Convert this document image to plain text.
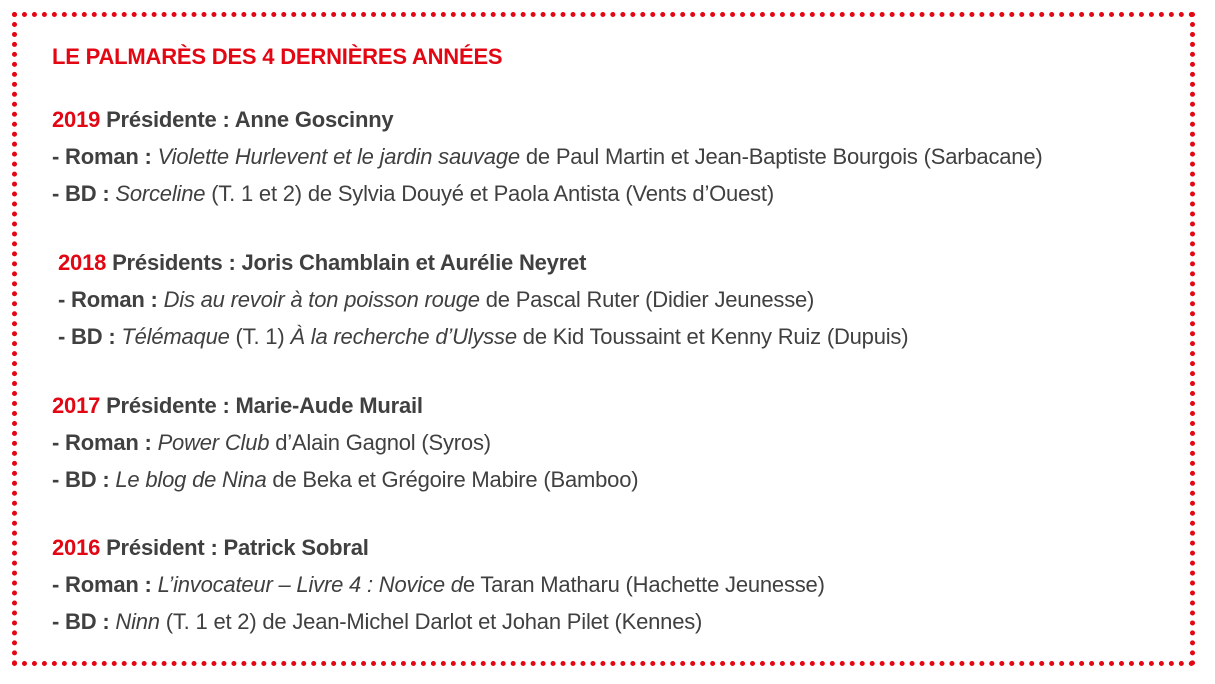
LE PALMARÈS DES 4 DERNIÈRES ANNÉES
2019 Présidente : Anne Goscinny
- Roman : Violette Hurlevent et le jardin sauvage de Paul Martin et Jean-Baptiste Bourgois (Sarbacane)
- BD : Sorceline (T. 1 et 2) de Sylvia Douyé et Paola Antista (Vents d’Ouest)
2018 Présidents : Joris Chamblain et Aurélie Neyret
- Roman : Dis au revoir à ton poisson rouge de Pascal Ruter (Didier Jeunesse)
- BD : Télémaque (T. 1) À la recherche d’Ulysse de Kid Toussaint et Kenny Ruiz (Dupuis)
2017 Présidente : Marie-Aude Murail
- Roman : Power Club d’Alain Gagnol (Syros)
- BD : Le blog de Nina de Beka et Grégoire Mabire (Bamboo)
2016 Président : Patrick Sobral
- Roman : L’invocateur – Livre 4 : Novice de Taran Matharu (Hachette Jeunesse)
- BD : Ninn (T. 1 et 2) de Jean-Michel Darlot et Johan Pilet (Kennes)
